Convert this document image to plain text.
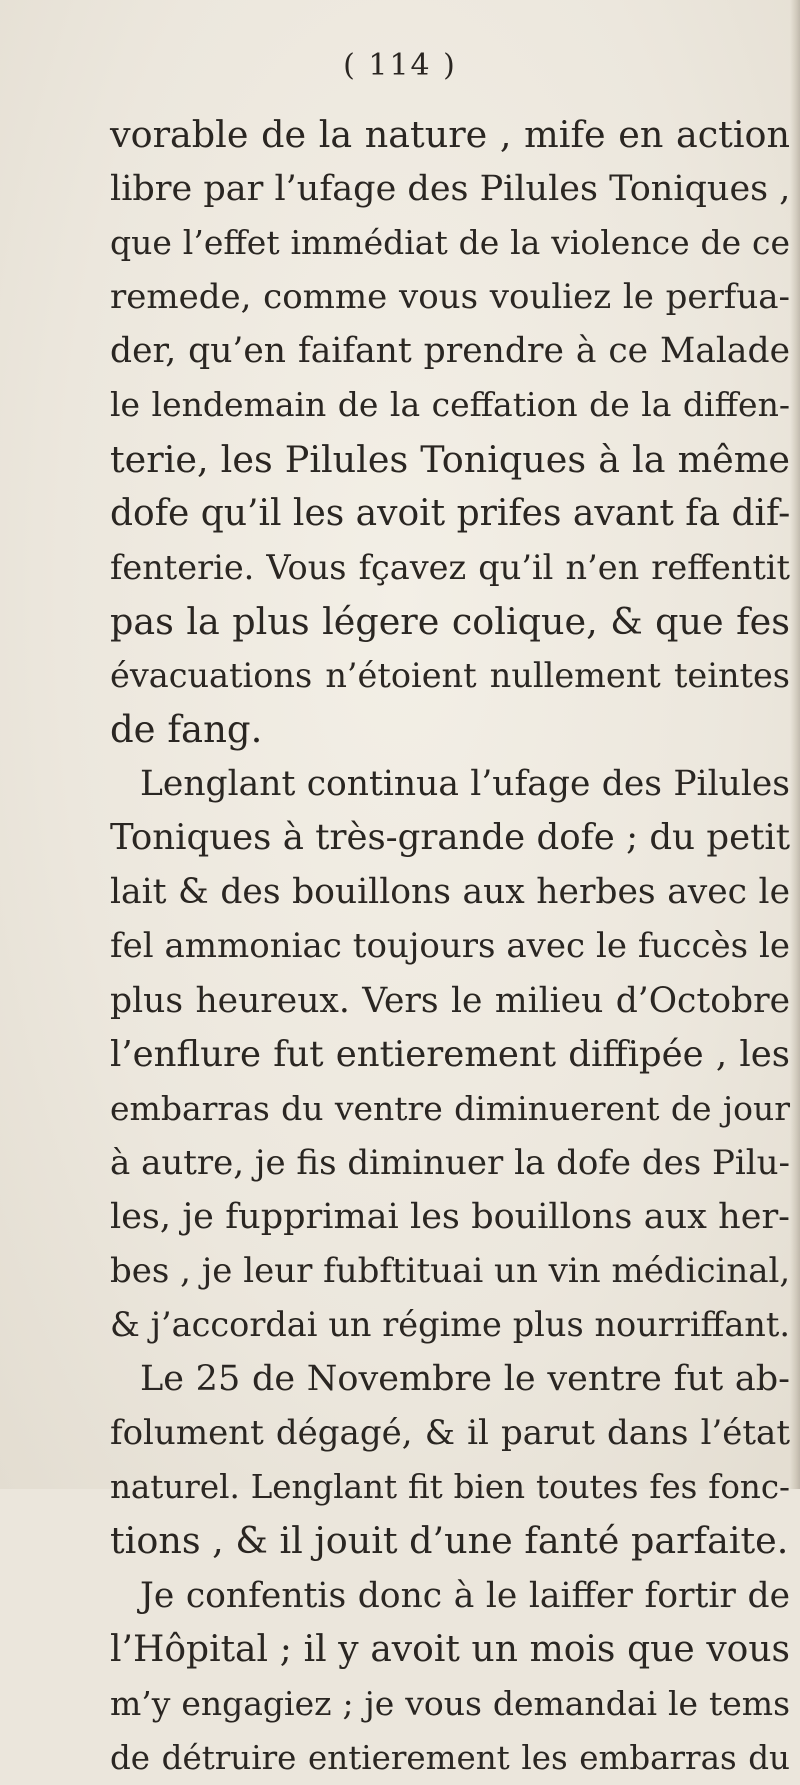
( 114 )
vorable de la nature , mife en action
libre par l’ufage des Pilules Toniques ,
que l’effet immédiat de la violence de ce
remede, comme vous vouliez le perfua-
der, qu’en faifant prendre à ce Malade
le lendemain de la ceffation de la diffen-
terie, les Pilules Toniques à la même
dofe qu’il les avoit prifes avant fa dif-
fenterie. Vous fçavez qu’il n’en reffentit
pas la plus légere colique, & que fes
évacuations n’étoient nullement teintes
de fang.
Lenglant continua l’ufage des Pilules
Toniques à très-grande dofe ; du petit
lait & des bouillons aux herbes avec le
fel ammoniac toujours avec le fuccès le
plus heureux. Vers le milieu d’Octobre
l’enflure fut entierement diffipée , les
embarras du ventre diminuerent de jour
à autre, je fis diminuer la dofe des Pilu-
les, je fupprimai les bouillons aux her-
bes , je leur fubftituai un vin médicinal,
& j’accordai un régime plus nourriffant.
Le 25 de Novembre le ventre fut ab-
folument dégagé, & il parut dans l’état
naturel. Lenglant fit bien toutes fes fonc-
tions , & il jouit d’une fanté parfaite.
Je confentis donc à le laiffer fortir de
l’Hôpital ; il y avoit un mois que vous
m’y engagiez ; je vous demandai le tems
de détruire entierement les embarras du
